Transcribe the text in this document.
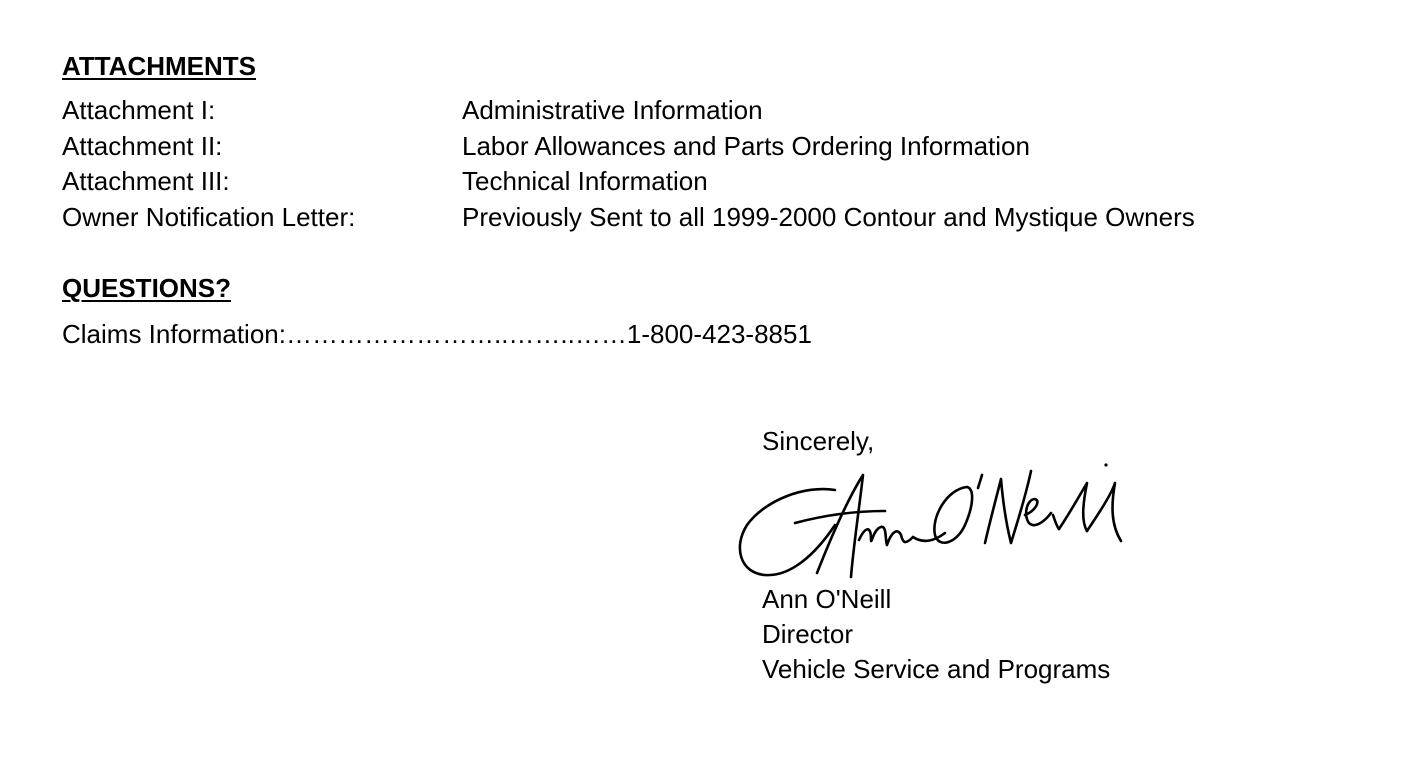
ATTACHMENTS
Attachment I:	Administrative Information
Attachment II:	Labor Allowances and Parts Ordering Information
Attachment III:	Technical Information
Owner Notification Letter:	Previously Sent to all 1999-2000 Contour and Mystique Owners
QUESTIONS?
Claims Information:……………………..……..……1-800-423-8851
Sincerely,
Ann O'Neill
Director
Vehicle Service and Programs
